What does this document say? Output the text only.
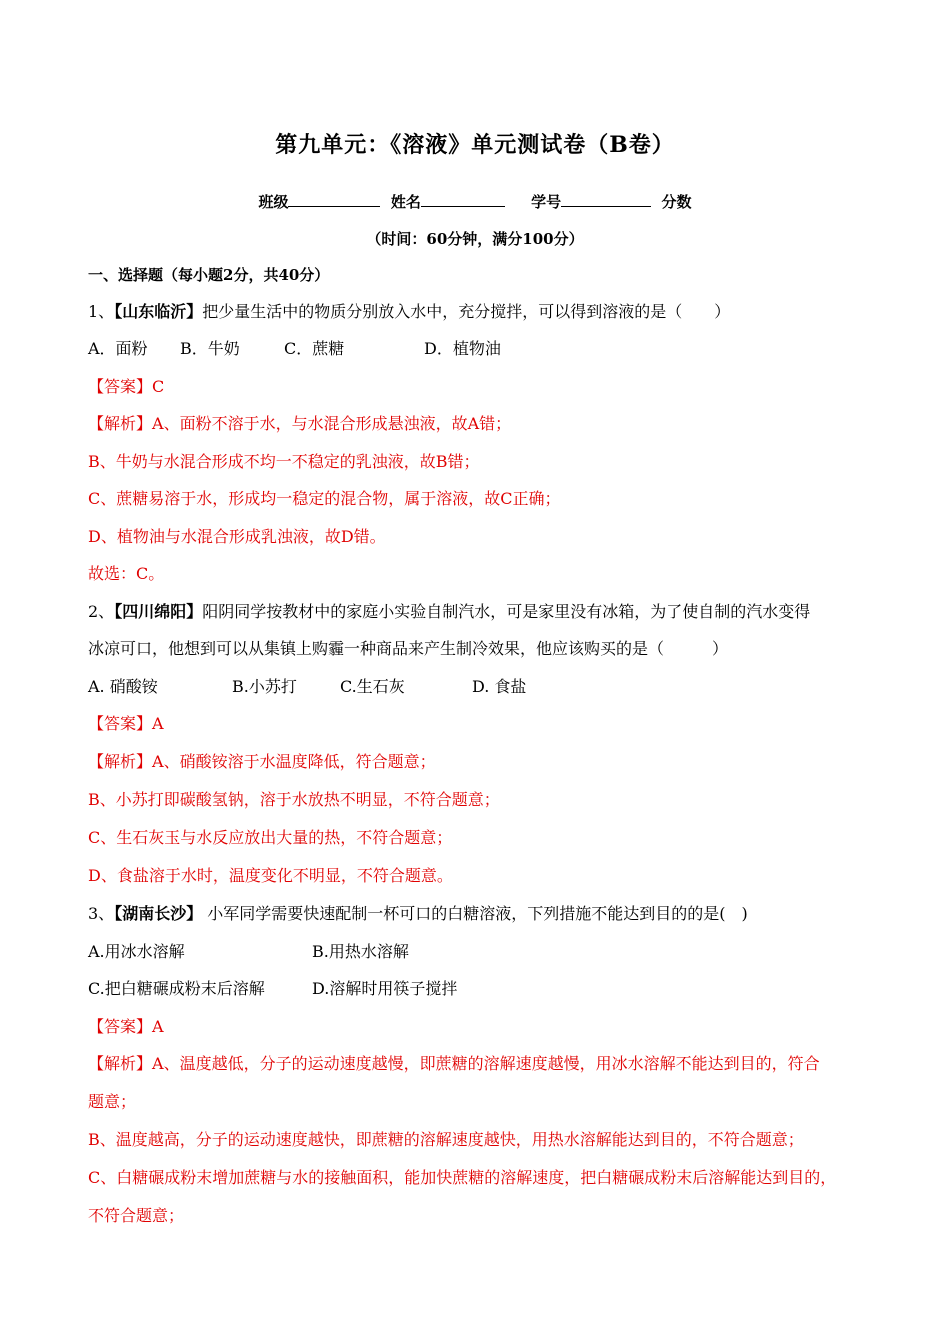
第九单元：《溶液》单元测试卷（B卷）
班级	姓名	学号	分数
（时间：60分钟，满分100分）
一、选择题（每小题2分，共40分）
1、【山东临沂】把少量生活中的物质分别放入水中，充分搅拌，可以得到溶液的是（　　）
A．面粉 B．牛奶	C．蔗糖	D．植物油
【答案】C
【解析】A、面粉不溶于水，与水混合形成悬浊液，故A错；
B、牛奶与水混合形成不均一不稳定的乳浊液，故B错；
C、蔗糖易溶于水，形成均一稳定的混合物，属于溶液，故C正确；
D、植物油与水混合形成乳浊液，故D错。
故选：C。
2、【四川绵阳】阳阴同学按教材中的家庭小实验自制汽水，可是家里没有冰箱，为了使自制的汽水变得
冰凉可口，他想到可以从集镇上购霾一种商品来产生制冷效果，他应该购买的是（　　　）
A. 硝酸铵	B.小苏打	C.生石灰	D. 食盐
【答案】A
【解析】A、硝酸铵溶于水温度降低，符合题意；
B、小苏打即碳酸氢钠，溶于水放热不明显，不符合题意；
C、生石灰玉与水反应放出大量的热，不符合题意；
D、食盐溶于水时，温度变化不明显，不符合题意。
3、【湖南长沙】 小军同学需要快速配制一杯可口的白糖溶液，下列措施不能达到目的的是(　)
A.用冰水溶解	B.用热水溶解
C.把白糖碾成粉末后溶解	D.溶解时用筷子搅拌
【答案】A
【解析】A、温度越低，分子的运动速度越慢，即蔗糖的溶解速度越慢，用冰水溶解不能达到目的，符合
题意；
B、温度越高，分子的运动速度越快，即蔗糖的溶解速度越快，用热水溶解能达到目的，不符合题意；
C、白糖碾成粉末增加蔗糖与水的接触面积，能加快蔗糖的溶解速度，把白糖碾成粉末后溶解能达到目的，
不符合题意；
